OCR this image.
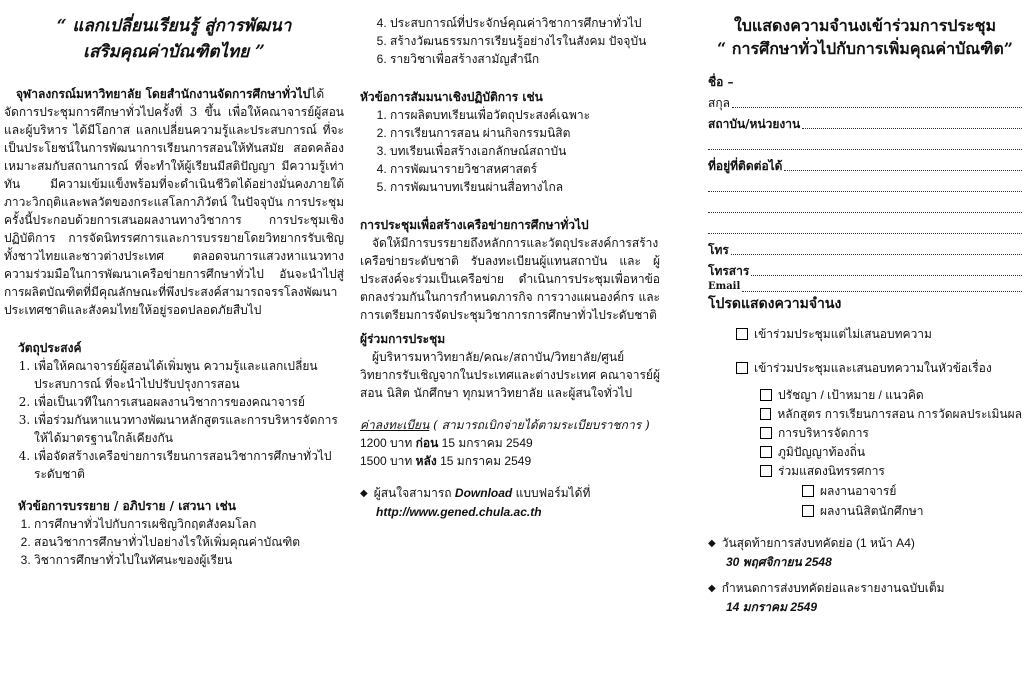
“ แลกเปลี่ยนเรียนรู้ สู่การพัฒนา
เสริมคุณค่าบัณฑิตไทย ”

จุฬาลงกรณ์มหาวิทยาลัย โดยสำนักงานจัดการศึกษาทั่วไปได้จัดการประชุมการศึกษาทั่วไปครั้งที่ 3 ขึ้น เพื่อให้คณาจารย์ผู้สอนและผู้บริหาร ได้มีโอกาส แลกเปลี่ยนความรู้และประสบการณ์ ที่จะเป็นประโยชน์ในการพัฒนาการเรียนการสอนให้ทันสมัย สอดคล้องเหมาะสมกับสถานการณ์ ที่จะทำให้ผู้เรียนมีสติปัญญา มีความรู้เท่าทัน มีความเข้มแข็งพร้อมที่จะดำเนินชีวิตได้อย่างมั่นคงภายใต้ภาวะวิกฤติและพลวัตของกระแสโลกาภิวัตน์ ในปัจจุบัน การประชุมครั้งนี้ประกอบด้วยการเสนอผลงานทางวิชาการ การประชุมเชิงปฏิบัติการ การจัดนิทรรศการและการบรรยายโดยวิทยากรรับเชิญทั้งชาวไทยและชาวต่างประเทศ ตลอดจนการแสวงหาแนวทางความร่วมมือในการพัฒนาเครือข่ายการศึกษาทั่วไป อันจะนำไปสู่การผลิตบัณฑิตที่มีคุณลักษณะที่พึงประสงค์สามารถจรรโลงพัฒนาประเทศชาติและสังคมไทยให้อยู่รอดปลอดภัยสืบไป

วัตถุประสงค์

1. เพื่อให้คณาจารย์ผู้สอนได้เพิ่มพูน ความรู้และแลกเปลี่ยนประสบการณ์ ที่จะนำไปปรับปรุงการสอน
2. เพื่อเป็นเวทีในการเสนอผลงานวิชาการของคณาจารย์
3. เพื่อร่วมกันหาแนวทางพัฒนาหลักสูตรและการบริหารจัดการให้ได้มาตรฐานใกล้เคียงกัน
4. เพื่อจัดสร้างเครือข่ายการเรียนการสอนวิชาการศึกษาทั่วไป ระดับชาติ

หัวข้อการบรรยาย / อภิปราย / เสวนา เช่น

1. การศึกษาทั่วไปกับการเผชิญวิกฤตสังคมโลก
2. สอนวิชาการศึกษาทั่วไปอย่างไรให้เพิ่มคุณค่าบัณฑิต
3. วิชาการศึกษาทั่วไปในทัศนะของผู้เรียน
4. ประสบการณ์ที่ประจักษ์คุณค่าวิชาการศึกษาทั่วไป
5. สร้างวัฒนธรรมการเรียนรู้อย่างไรในสังคม ปัจจุบัน
6. รายวิชาเพื่อสร้างสามัญสำนึก

หัวข้อการสัมมนาเชิงปฏิบัติการ เช่น

1. การผลิตบทเรียนเพื่อวัตถุประสงค์เฉพาะ
2. การเรียนการสอน ผ่านกิจกรรมนิสิต
3. บทเรียนเพื่อสร้างเอกลักษณ์สถาบัน
4. การพัฒนารายวิชาสหศาสตร์
5. การพัฒนาบทเรียนผ่านสื่อทางไกล

การประชุมเพื่อสร้างเครือข่ายการศึกษาทั่วไป

จัดให้มีการบรรยายถึงหลักการและวัตถุประสงค์การสร้างเครือข่ายระดับชาติ รับลงทะเบียนผู้แทนสถาบัน และ ผู้ประสงค์จะร่วมเป็นเครือข่าย ดำเนินการประชุมเพื่อหาข้อตกลงร่วมกันในการกำหนดภารกิจ การวางแผนองค์กร และการเตรียมการจัดประชุมวิชาการการศึกษาทั่วไประดับชาติ

ผู้ร่วมการประชุม

ผู้บริหารมหาวิทยาลัย/คณะ/สถาบัน/วิทยาลัย/ศูนย์ วิทยากรรับเชิญจากในประเทศและต่างประเทศ คณาจารย์ผู้สอน นิสิต นักศึกษา ทุกมหาวิทยาลัย และผู้สนใจทั่วไป

ค่าลงทะเบียน ( สามารถเบิกจ่ายได้ตามระเบียบราชการ )

1200 บาท ก่อน 15 มกราคม 2549
1500 บาท หลัง 15 มกราคม 2549
◆ ผู้สนใจสามารถ Download แบบฟอร์มได้ที่
http://www.gened.chula.ac.th
ใบแสดงความจำนงเข้าร่วมการประชุม
“ การศึกษาทั่วไปกับการเพิ่มคุณค่าบัณฑิต”
ชื่อ –
สกุล
สถาบัน/หน่วยงาน
ที่อยู่ที่ติดต่อได้
โทร
โทรสาร
Email
โปรดแสดงความจำนง
เข้าร่วมประชุมแต่ไม่เสนอบทความ
เข้าร่วมประชุมและเสนอบทความในหัวข้อเรื่อง
ปรัชญา / เป้าหมาย / แนวคิด
หลักสูตร การเรียนการสอน การวัดผลประเมินผล
การบริหารจัดการ
ภูมิปัญญาท้องถิ่น
ร่วมแสดงนิทรรศการ
ผลงานอาจารย์
ผลงานนิสิตนักศึกษา
◆ วันสุดท้ายการส่งบทคัดย่อ (1 หน้า A4)
30 พฤศจิกายน 2548
◆ กำหนดการส่งบทคัดย่อและรายงานฉบับเต็ม
14 มกราคม 2549
